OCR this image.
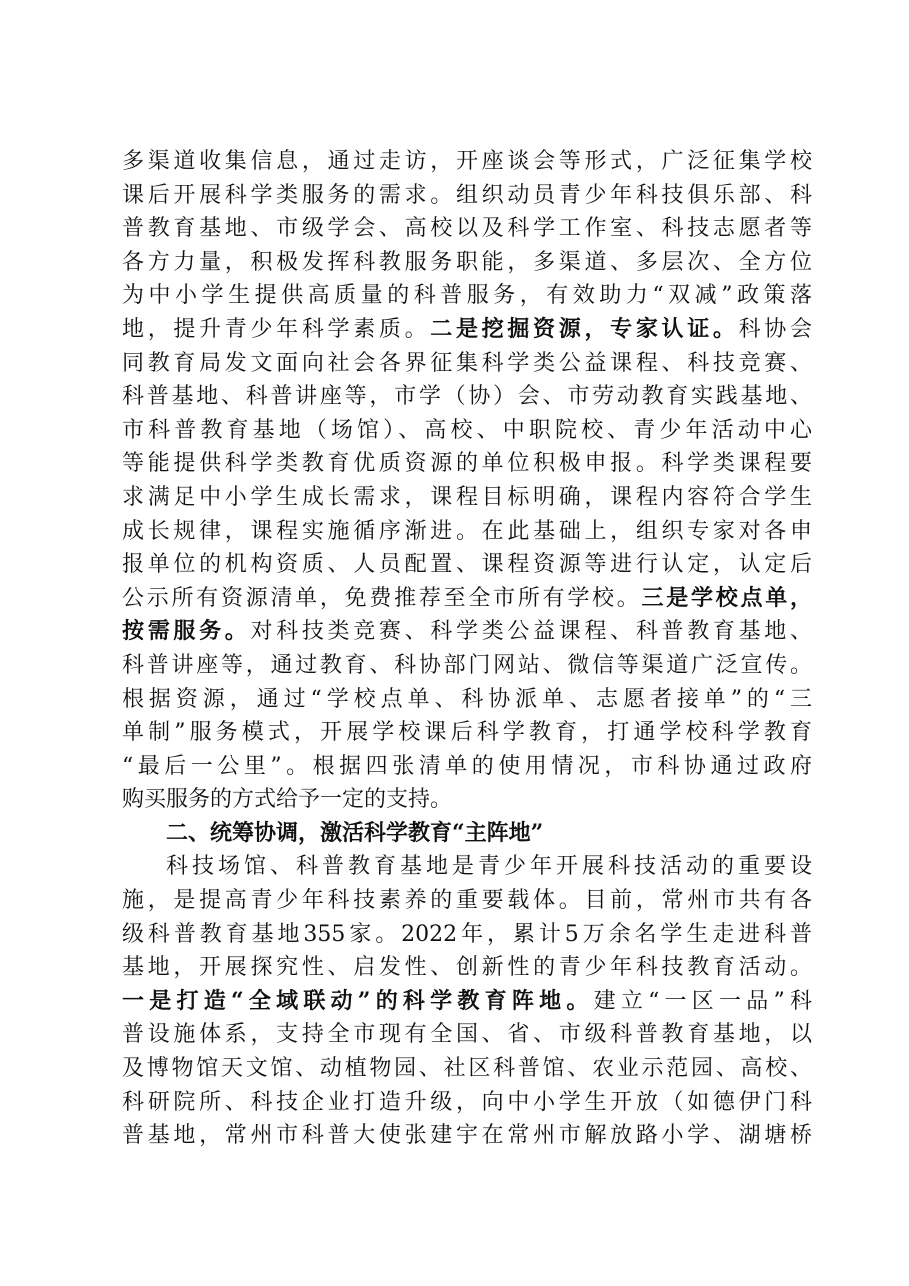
多渠道收集信息，通过走访，开座谈会等形式，广泛征集学校
课后开展科学类服务的需求。组织动员青少年科技俱乐部、科
普教育基地、市级学会、高校以及科学工作室、科技志愿者等
各方力量，积极发挥科教服务职能，多渠道、多层次、全方位
为中小学生提供高质量的科普服务，有效助力“双减”政策落
地，提升青少年科学素质。二是挖掘资源，专家认证。科协会
同教育局发文面向社会各界征集科学类公益课程、科技竞赛、
科普基地、科普讲座等，市学（协）会、市劳动教育实践基地、
市科普教育基地（场馆）、高校、中职院校、青少年活动中心
等能提供科学类教育优质资源的单位积极申报。科学类课程要
求满足中小学生成长需求，课程目标明确，课程内容符合学生
成长规律，课程实施循序渐进。在此基础上，组织专家对各申
报单位的机构资质、人员配置、课程资源等进行认定，认定后
公示所有资源清单，免费推荐至全市所有学校。三是学校点单，
按需服务。对科技类竞赛、科学类公益课程、科普教育基地、
科普讲座等，通过教育、科协部门网站、微信等渠道广泛宣传。
根据资源，通过“学校点单、科协派单、志愿者接单”的“三
单制”服务模式，开展学校课后科学教育，打通学校科学教育
“最后一公里”。根据四张清单的使用情况，市科协通过政府
购买服务的方式给予一定的支持。
二、统筹协调，激活科学教育“主阵地”
科技场馆、科普教育基地是青少年开展科技活动的重要设
施，是提高青少年科技素养的重要载体。目前，常州市共有各
级科普教育基地355家。2022年，累计5万余名学生走进科普
基地，开展探究性、启发性、创新性的青少年科技教育活动。
一是打造“全域联动”的科学教育阵地。建立“一区一品”科
普设施体系，支持全市现有全国、省、市级科普教育基地，以
及博物馆天文馆、动植物园、社区科普馆、农业示范园、高校、
科研院所、科技企业打造升级，向中小学生开放（如德伊门科
普基地，常州市科普大使张建宇在常州市解放路小学、湖塘桥
